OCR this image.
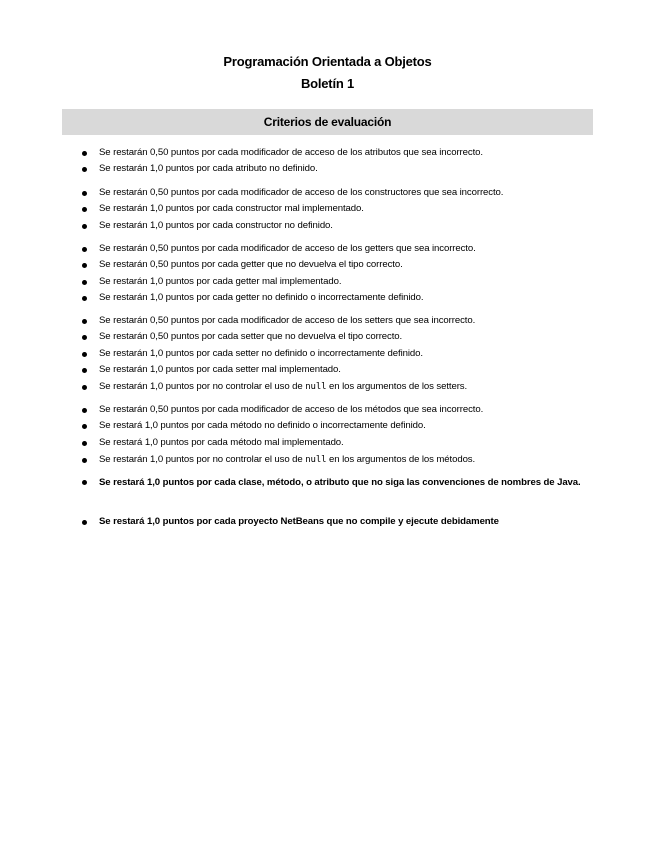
Programación Orientada a Objetos
Boletín 1
Criterios de evaluación
Se restarán 0,50 puntos por cada modificador de acceso de los atributos que sea incorrecto.
Se restarán 1,0 puntos por cada atributo no definido.
Se restarán 0,50 puntos por cada modificador de acceso de los constructores que sea incorrecto.
Se restarán 1,0 puntos por cada constructor mal implementado.
Se restarán 1,0 puntos por cada constructor no definido.
Se restarán 0,50 puntos por cada modificador de acceso de los getters que sea incorrecto.
Se restarán 0,50 puntos por cada getter que no devuelva el tipo correcto.
Se restarán 1,0 puntos por cada getter mal implementado.
Se restarán 1,0 puntos por cada getter no definido o incorrectamente definido.
Se restarán 0,50 puntos por cada modificador de acceso de los setters que sea incorrecto.
Se restarán 0,50 puntos por cada setter que no devuelva el tipo correcto.
Se restarán 1,0 puntos por cada setter no definido o incorrectamente definido.
Se restarán 1,0 puntos por cada setter mal implementado.
Se restarán 1,0 puntos por no controlar el uso de null en los argumentos de los setters.
Se restarán 0,50 puntos por cada modificador de acceso de los métodos que sea incorrecto.
Se restará 1,0 puntos por cada método no definido o incorrectamente definido.
Se restará 1,0 puntos por cada método mal implementado.
Se restarán 1,0 puntos por no controlar el uso de null en los argumentos de los métodos.
Se restará 1,0 puntos por cada clase, método, o atributo que no siga las convenciones de nombres de Java.
Se restará 1,0 puntos por cada proyecto NetBeans que no compile y ejecute debidamente
